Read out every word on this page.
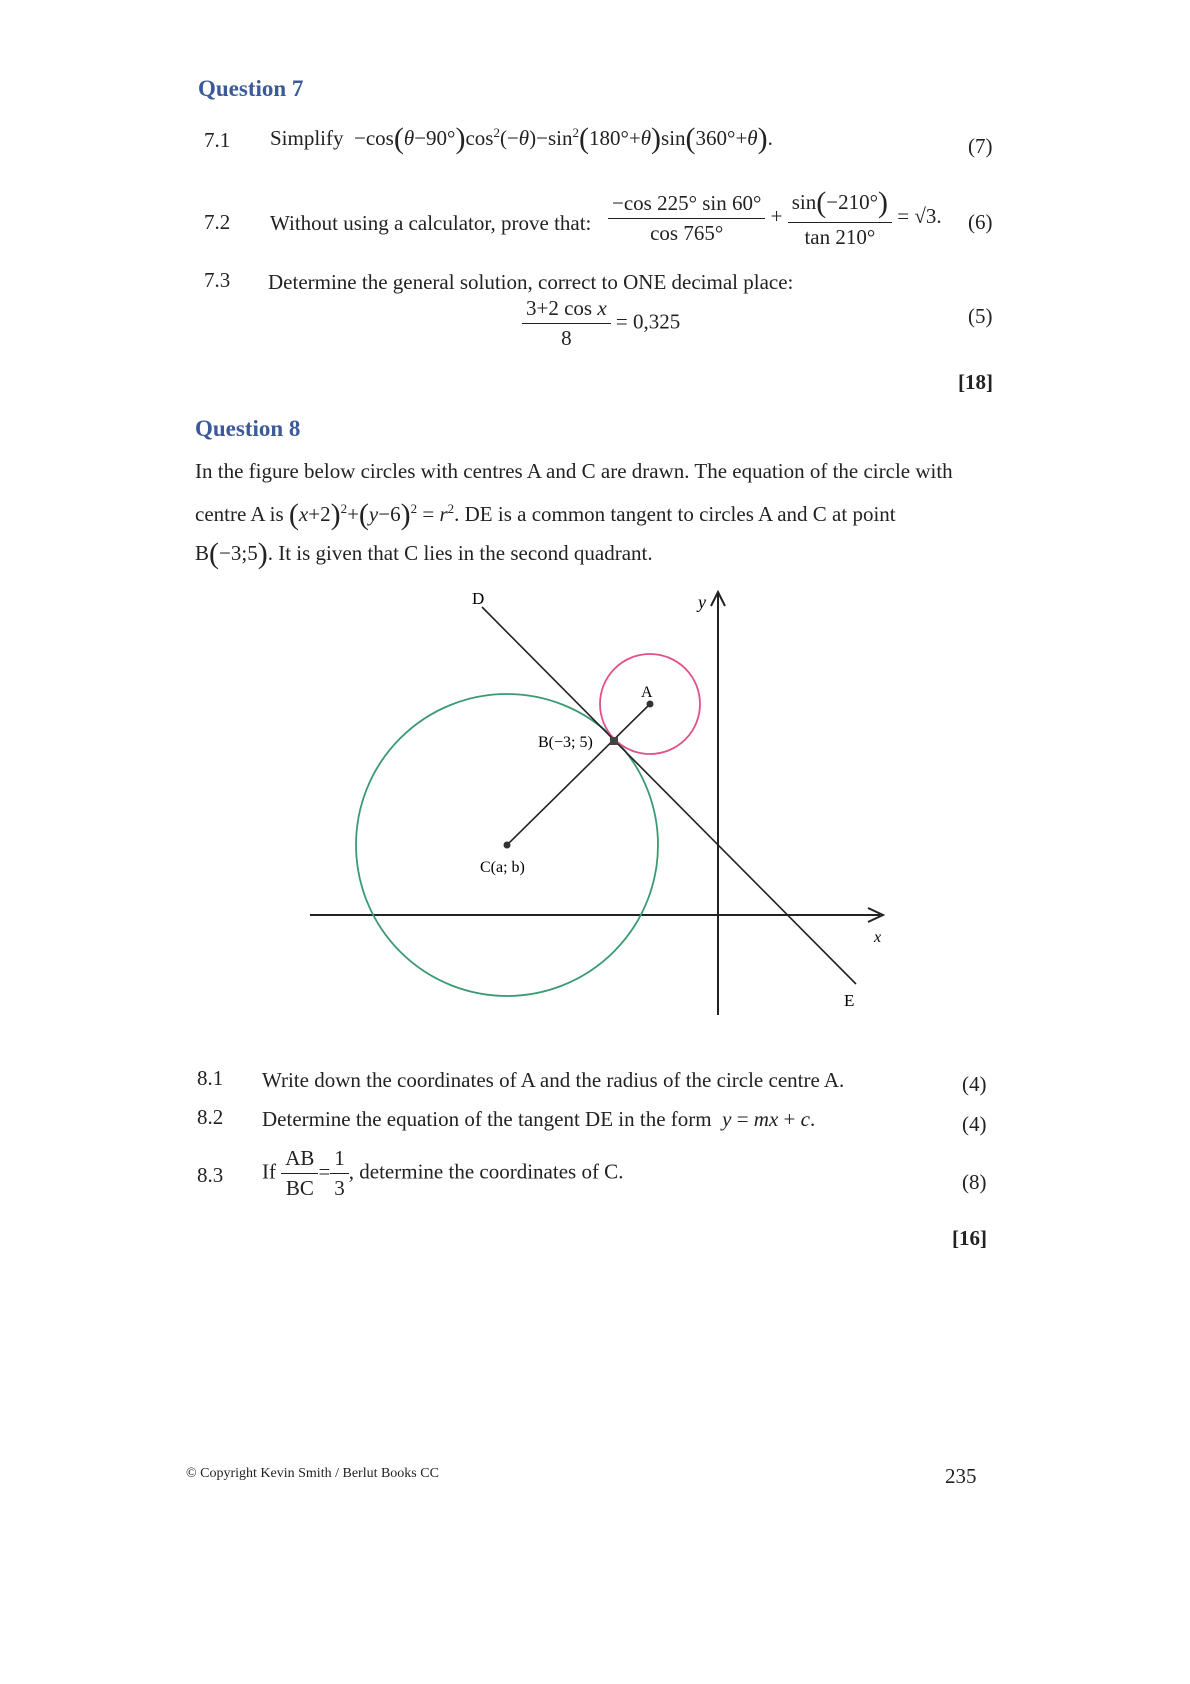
Question 7
7.1 Simplify  $-\cos(\theta-90^\circ)\cos^2(-\theta)-\sin^2(180^\circ+\theta)\sin(360^\circ+\theta)$.	(7)
7.2 Without using a calculator, prove that: $\frac{-\cos 225^\circ \sin 60^\circ}{\cos 765^\circ} + \frac{\sin(-210^\circ)}{\tan 210^\circ} = √3$. (6)
7.3 Determine the general solution, correct to ONE decimal place:
$\frac{\text{3+2 cos x}}{8} = 0,325$	(5)
[18]
Question 8
In the figure below circles with centres A and C are drawn. The equation of the circle with
centre A is $(x+2)^2+(y-6)^2 = r^2$. DE is a common tangent to circles A and C at point
B(−3;5). It is given that C lies in the second quadrant.
x
y
D
E
A
B(−3; 5)
C(a; b)
8.1 Write down the coordinates of A and the radius of the circle centre A.	(4)
8.2 Determine the equation of the tangent DE in the form y = mx + c.	(4)
8.3 If $\frac{AB}{BC} = \frac{1}{3}$ , determine the coordinates of C.	(8)
[16]
© Copyright Kevin Smith / Berlut Books CC	235
